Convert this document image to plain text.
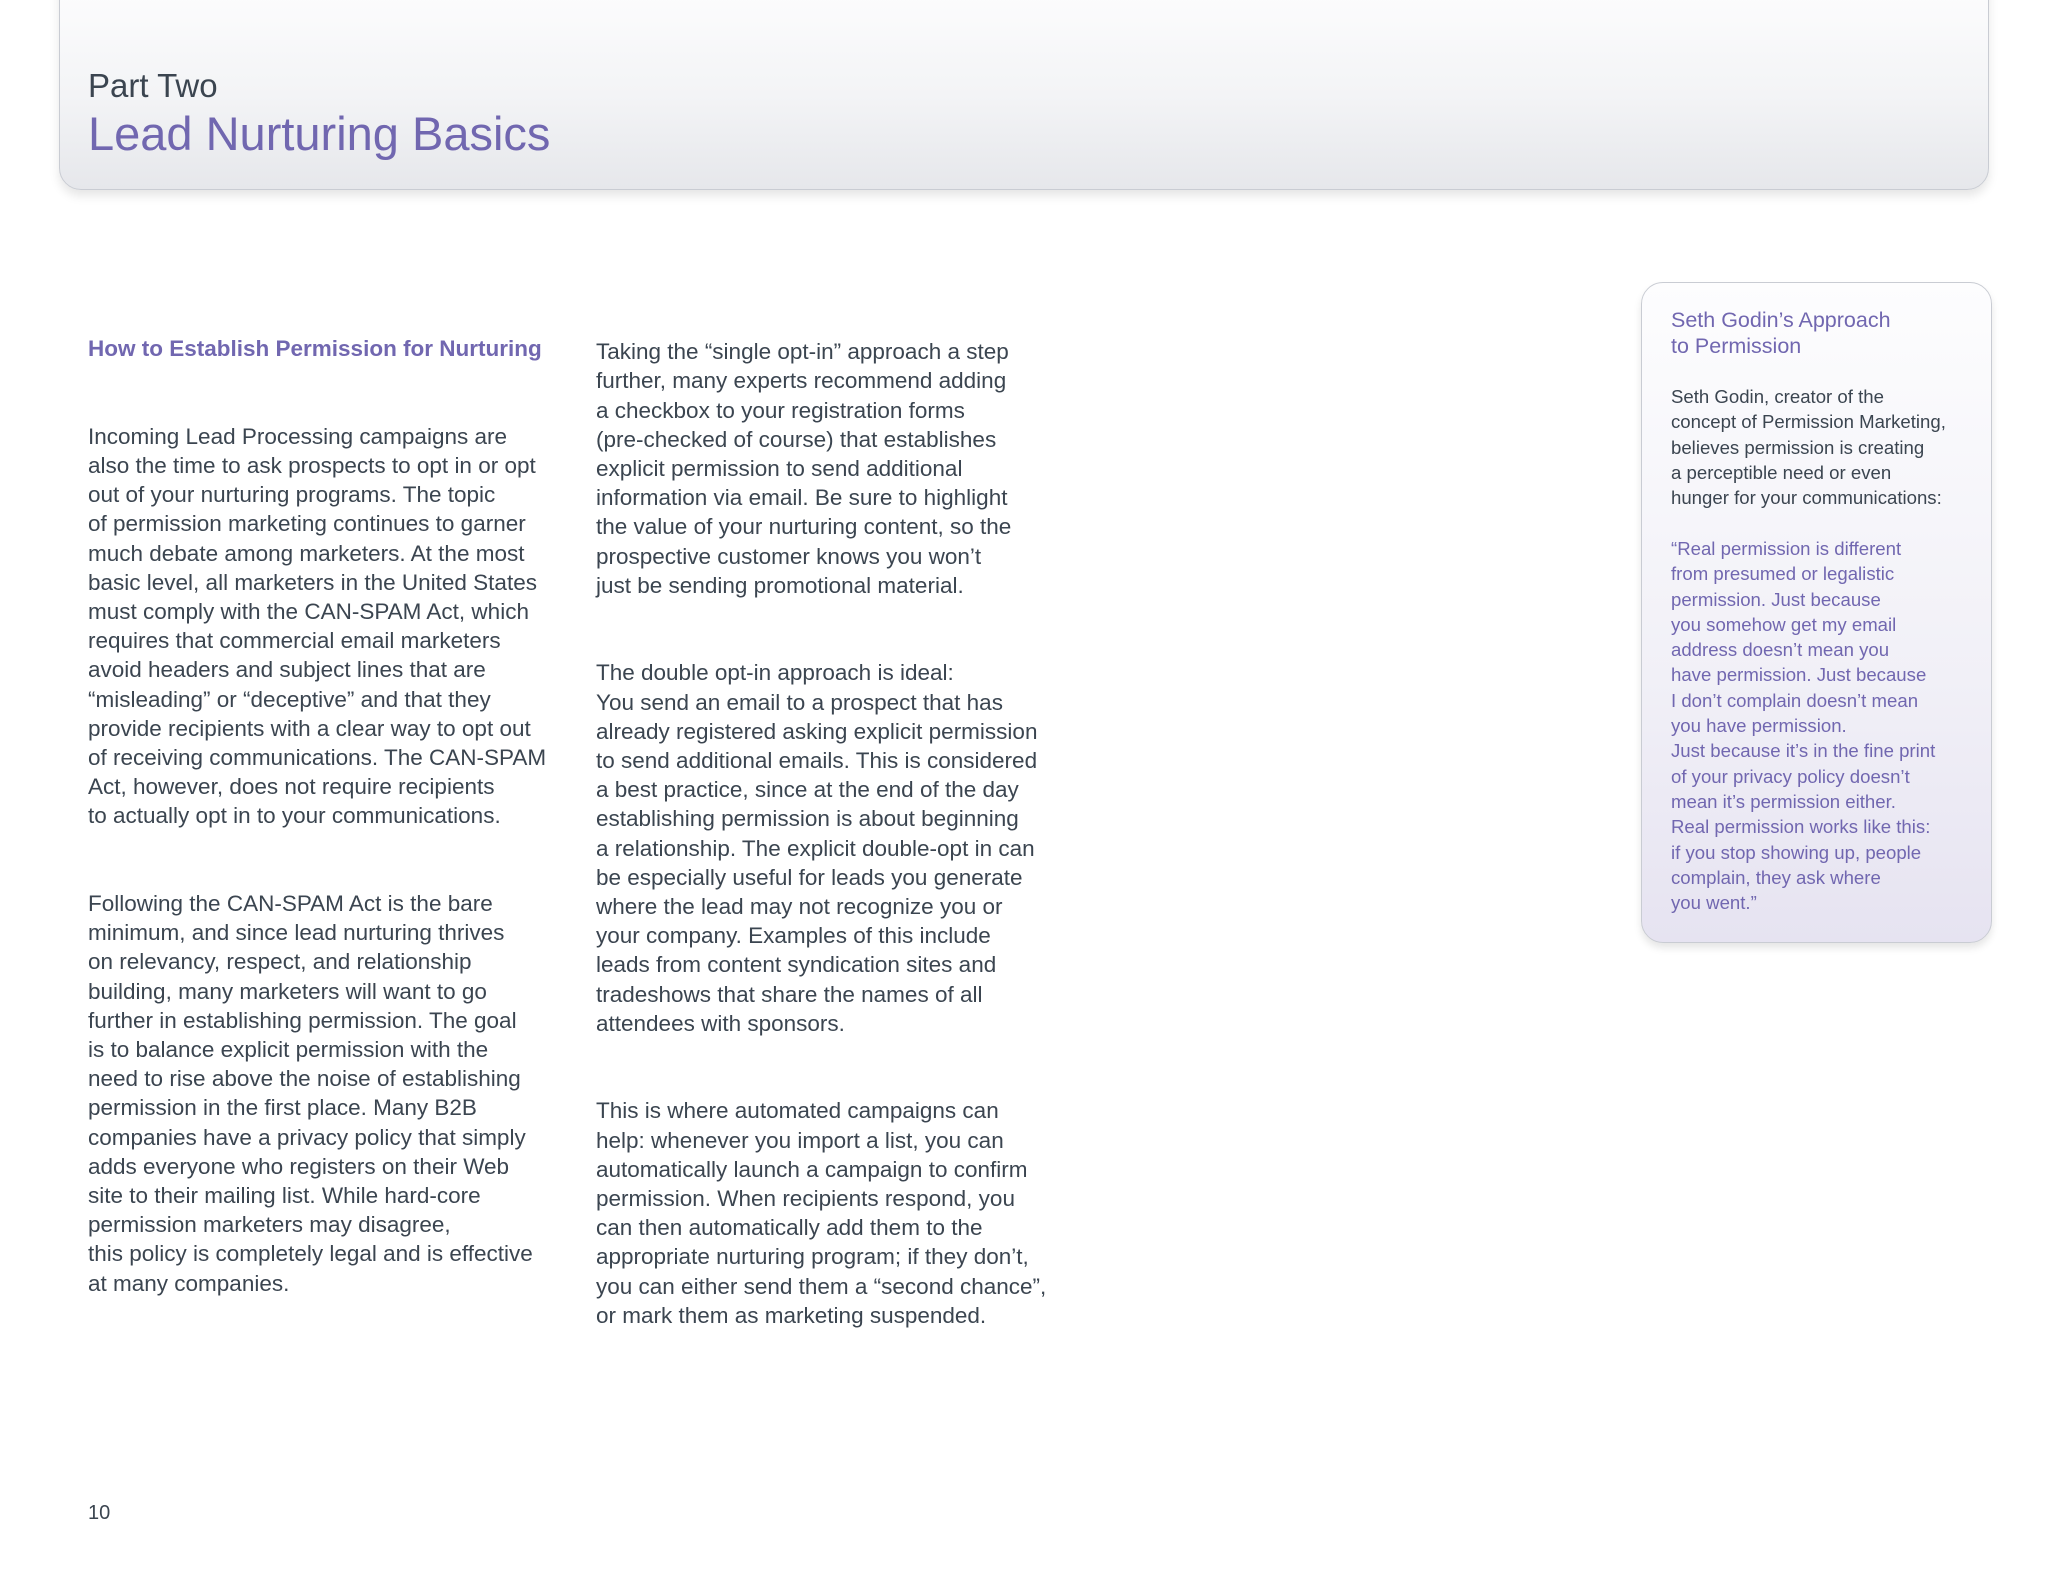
Part Two
Lead Nurturing Basics

How to Establish Permission for Nurturing

Incoming Lead Processing campaigns are
also the time to ask prospects to opt in or opt
out of your nurturing programs. The topic
of permission marketing continues to garner
much debate among marketers. At the most
basic level, all marketers in the United States
must comply with the CAN-SPAM Act, which
requires that commercial email marketers
avoid headers and subject lines that are
“misleading” or “deceptive” and that they
provide recipients with a clear way to opt out
of receiving communications. The CAN-SPAM
Act, however, does not require recipients
to actually opt in to your communications.

Following the CAN-SPAM Act is the bare
minimum, and since lead nurturing thrives
on relevancy, respect, and relationship
building, many marketers will want to go
further in establishing permission. The goal
is to balance explicit permission with the
need to rise above the noise of establishing
permission in the first place. Many B2B
companies have a privacy policy that simply
adds everyone who registers on their Web
site to their mailing list. While hard-core
permission marketers may disagree,
this policy is completely legal and is effective
at many companies.

Taking the “single opt-in” approach a step
further, many experts recommend adding
a checkbox to your registration forms
(pre-checked of course) that establishes
explicit permission to send additional
information via email. Be sure to highlight
the value of your nurturing content, so the
prospective customer knows you won’t
just be sending promotional material.

The double opt-in approach is ideal:
You send an email to a prospect that has
already registered asking explicit permission
to send additional emails. This is considered
a best practice, since at the end of the day
establishing permission is about beginning
a relationship. The explicit double-opt in can
be especially useful for leads you generate
where the lead may not recognize you or
your company. Examples of this include
leads from content syndication sites and
tradeshows that share the names of all
attendees with sponsors.

This is where automated campaigns can
help: whenever you import a list, you can
automatically launch a campaign to confirm
permission. When recipients respond, you
can then automatically add them to the
appropriate nurturing program; if they don’t,
you can either send them a “second chance”,
or mark them as marketing suspended.

Seth Godin’s Approach
to Permission
Seth Godin, creator of the
concept of Permission Marketing,
believes permission is creating
a perceptible need or even
hunger for your communications:
“Real permission is different
from presumed or legalistic
permission. Just because
you somehow get my email
address doesn’t mean you
have permission. Just because
I don’t complain doesn’t mean
you have permission.
Just because it’s in the fine print
of your privacy policy doesn’t
mean it’s permission either.
Real permission works like this:
if you stop showing up, people
complain, they ask where
you went.”
10
